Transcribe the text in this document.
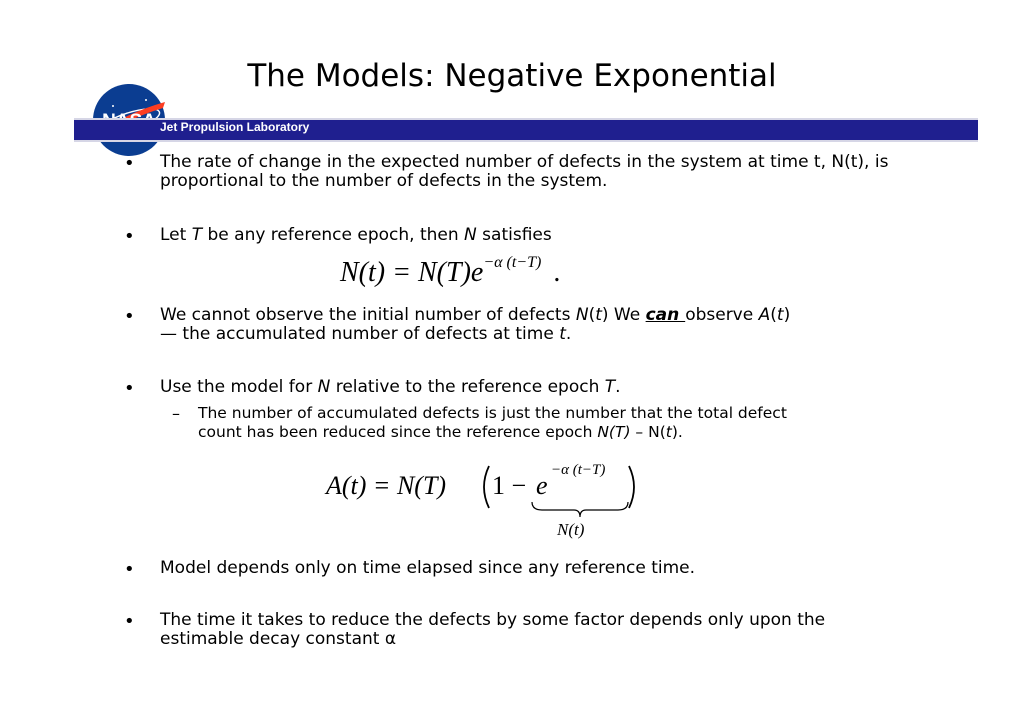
The Models: Negative Exponential
Jet Propulsion Laboratory
• The rate of change in the expected number of defects in the system at time t, N(t), is proportional to the number of defects in the system.
• Let T be any reference epoch, then N satisfies
$N(t) = N(T)e^{-\alpha (t-T)}$ .
• We cannot observe the initial number of defects N(t) We can observe A(t)
— the accumulated number of defects at time t.
• Use the model for N relative to the reference epoch T.
– The number of accumulated defects is just the number that the total defect
count has been reduced since the reference epoch N(T) – N(t).
A(t) = N(T) 1 − e
−α (t−T)
N(t)
• Model depends only on time elapsed since any reference time.
• The time it takes to reduce the defects by some factor depends only upon the estimable decay constant α
